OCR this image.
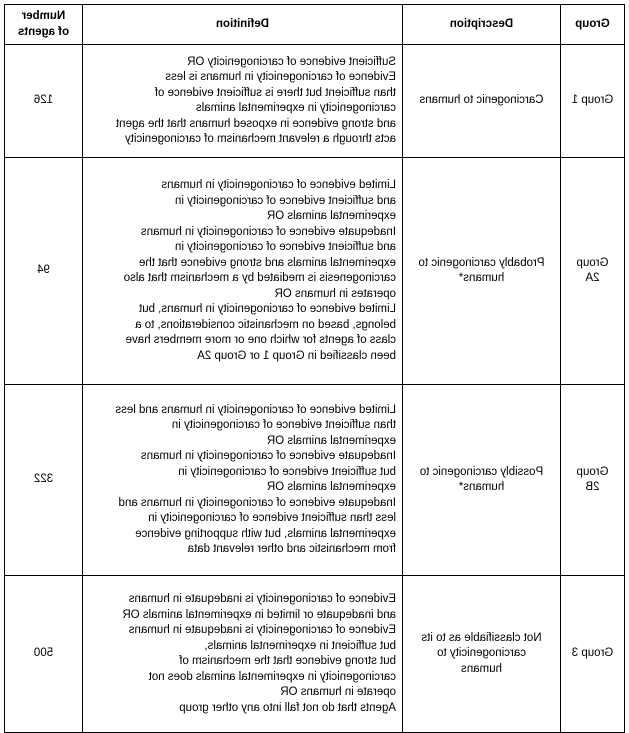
Group	Description	Definition	Number
of agents
Group 1	Carcinogenic to humans	Sufficient evidence of carcinogenicity OR
Evidence of carcinogenicity in humans is less
than sufficient but there is sufficient evidence of
carcinogenicity in experimental animals
and strong evidence in exposed humans that the agent
acts through a relevant mechanism of carcinogenicity	126
Group
2A	Probably carcinogenic to
humans*	Limited evidence of carcinogenicity in humans
and sufficient evidence of carcinogenicity in
experimental animals OR
Inadequate evidence of carcinogenicity in humans
and sufficient evidence of carcinogenicity in
experimental animals and strong evidence that the
carcinogenesis is mediated by a mechanism that also
operates in humans OR
Limited evidence of carcinogenicity in humans, but
belongs, based on mechanistic considerations, to a
class of agents for which one or more members have
been classified in Group 1 or Group 2A	94
Group
2B	Possibly carcinogenic to
humans*	Limited evidence of carcinogenicity in humans and less
than sufficient evidence of carcinogenicity in
experimental animals OR
Inadequate evidence of carcinogenicity in humans
but sufficient evidence of carcinogenicity in
experimental animals OR
Inadequate evidence of carcinogenicity in humans and
less than sufficient evidence of carcinogenicity in
experimental animals, but with supporting evidence
from mechanistic and other relevant data	322
Group 3	Not classifiable as to its
carcinogenicity to
humans	Evidence of carcinogenicity is inadequate in humans
and inadequate or limited in experimental animals OR
Evidence of carcinogenicity is inadequate in humans
but sufficient in experimental animals,
but strong evidence that the mechanism of
carcinogenicity in experimental animals does not
operate in humans OR
Agents that do not fall into any other group	500
